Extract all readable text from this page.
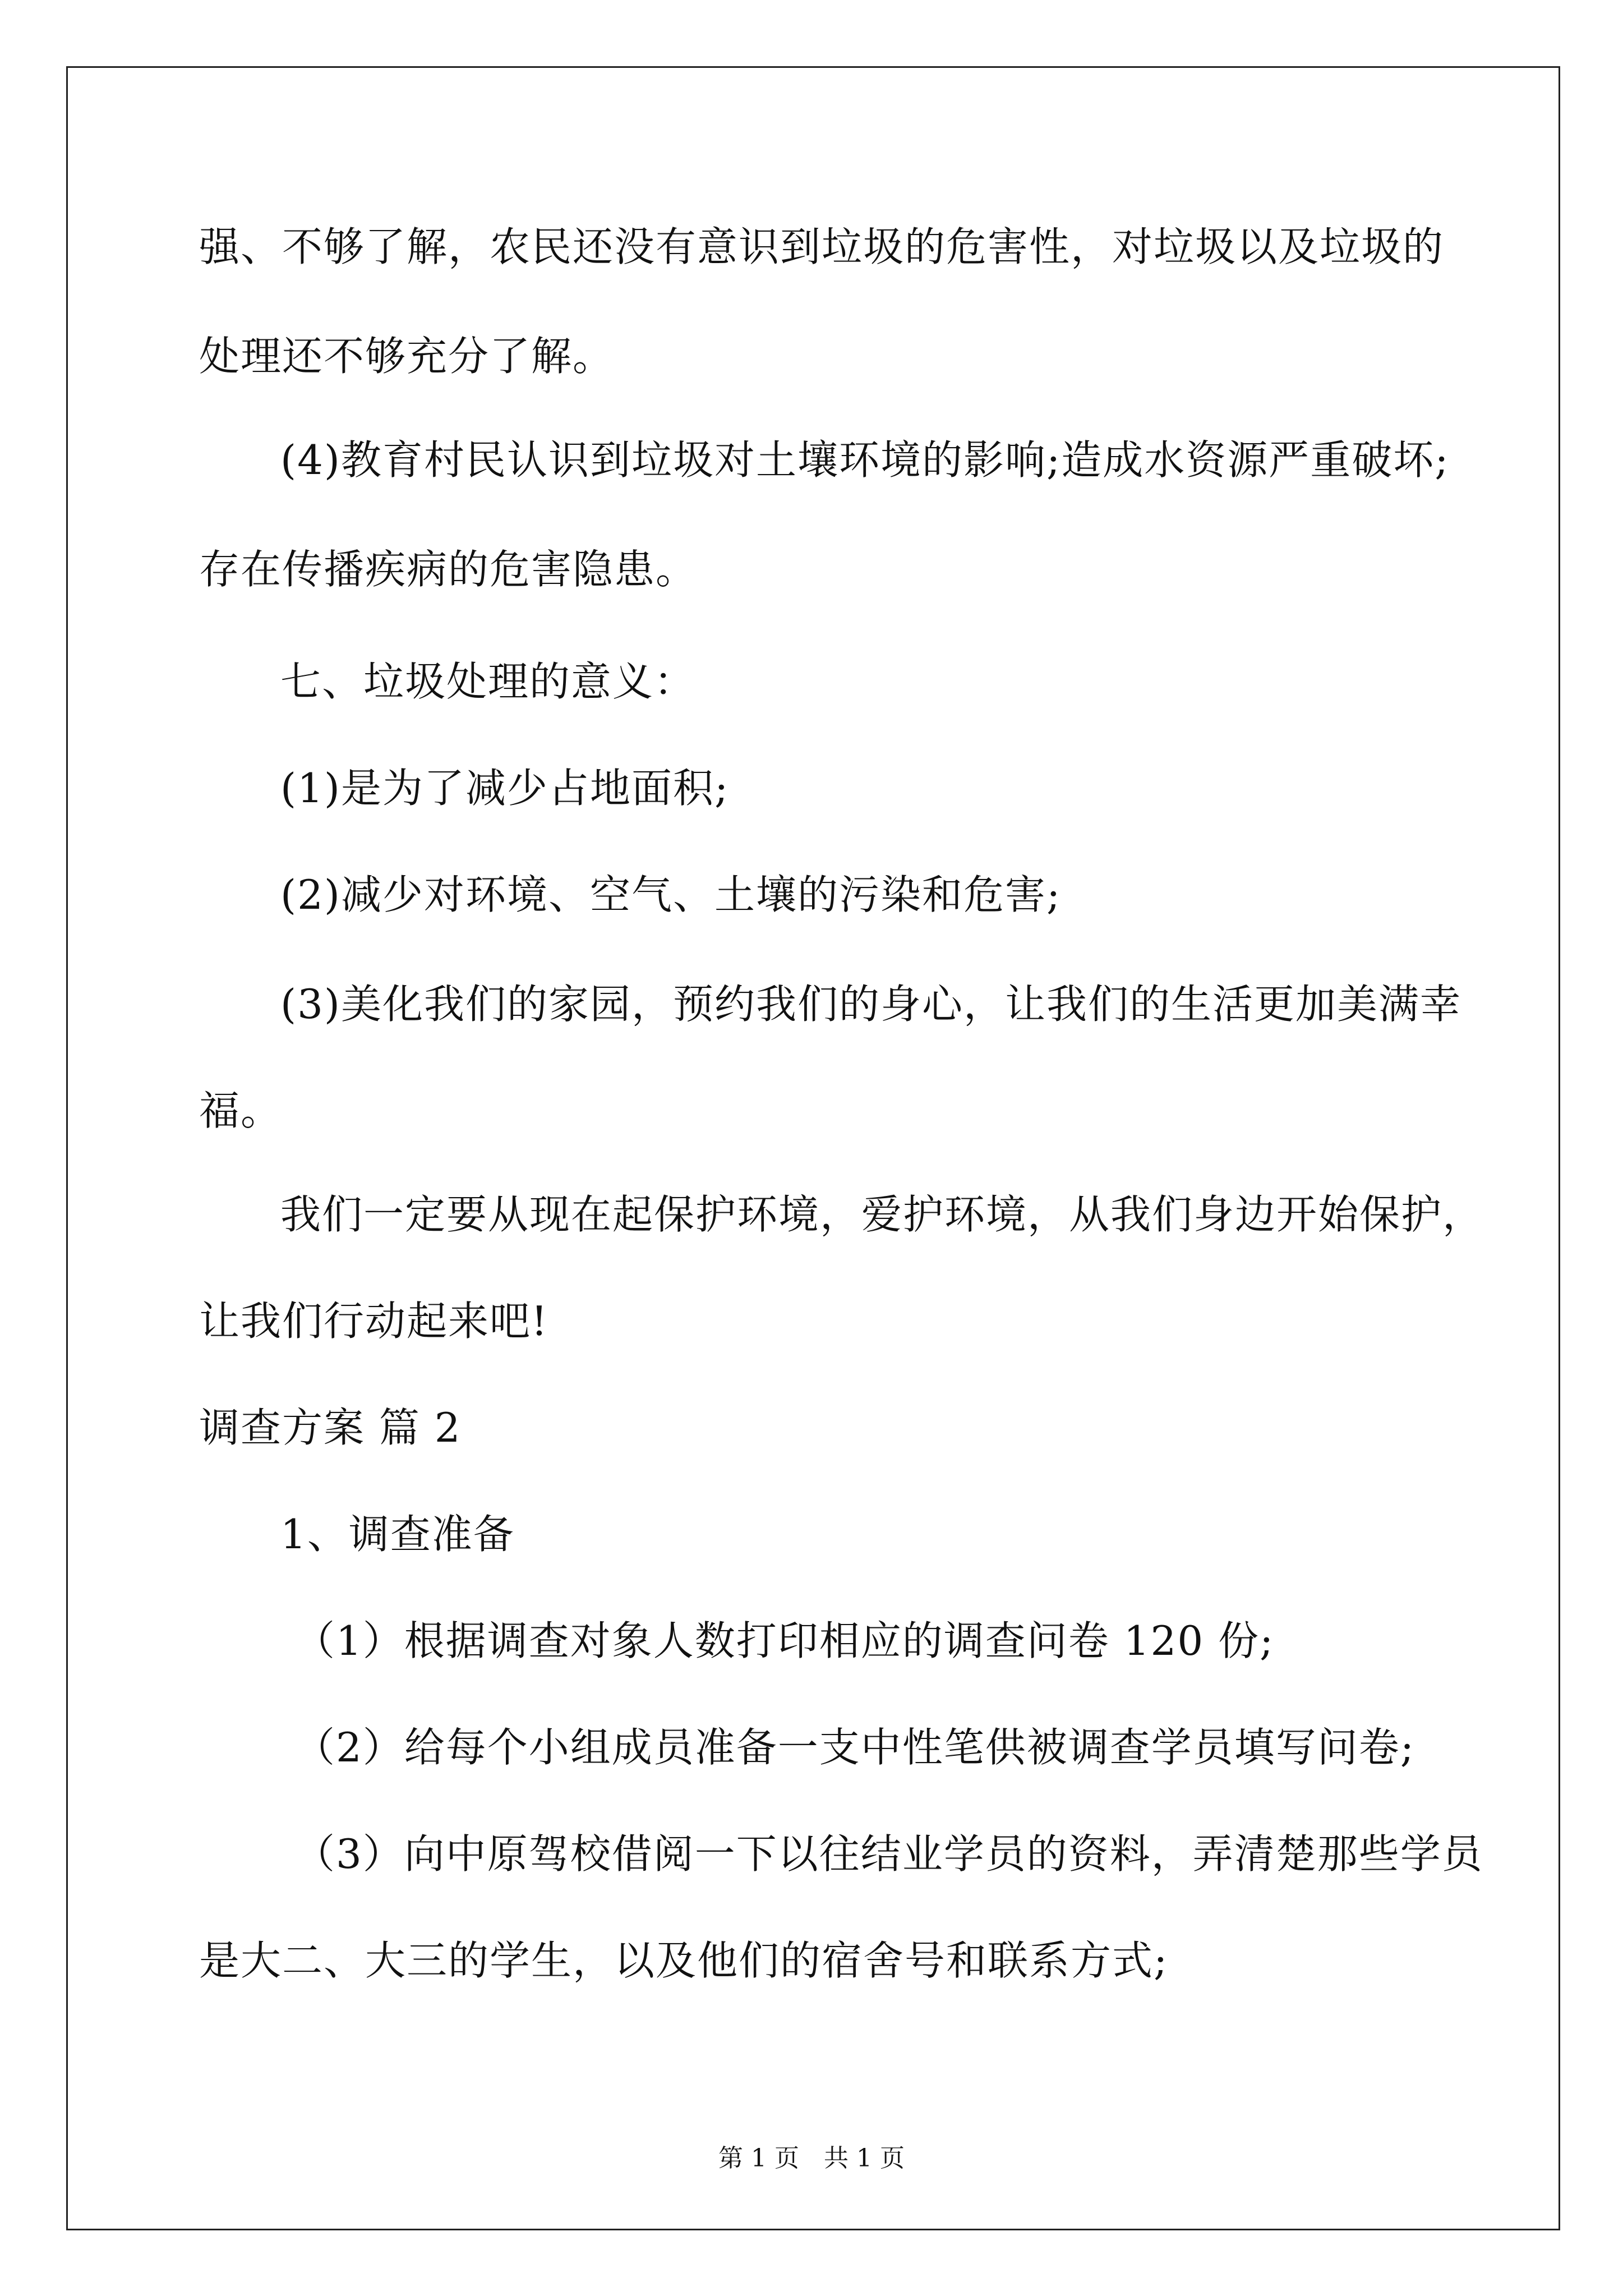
强、不够了解，农民还没有意识到垃圾的危害性，对垃圾以及垃圾的
处理还不够充分了解。
(4)教育村民认识到垃圾对土壤环境的影响;造成水资源严重破坏;
存在传播疾病的危害隐患。
七、垃圾处理的意义：
(1)是为了减少占地面积;
(2)减少对环境、空气、土壤的污染和危害;
(3)美化我们的家园，预约我们的身心，让我们的生活更加美满幸
福。
我们一定要从现在起保护环境，爱护环境，从我们身边开始保护，
让我们行动起来吧!
调查方案 篇 2
1、调查准备
（1）根据调查对象人数打印相应的调查问卷 120 份;
（2）给每个小组成员准备一支中性笔供被调查学员填写问卷;
（3）向中原驾校借阅一下以往结业学员的资料，弄清楚那些学员
是大二、大三的学生，以及他们的宿舍号和联系方式;
第 1 页　共 1 页
